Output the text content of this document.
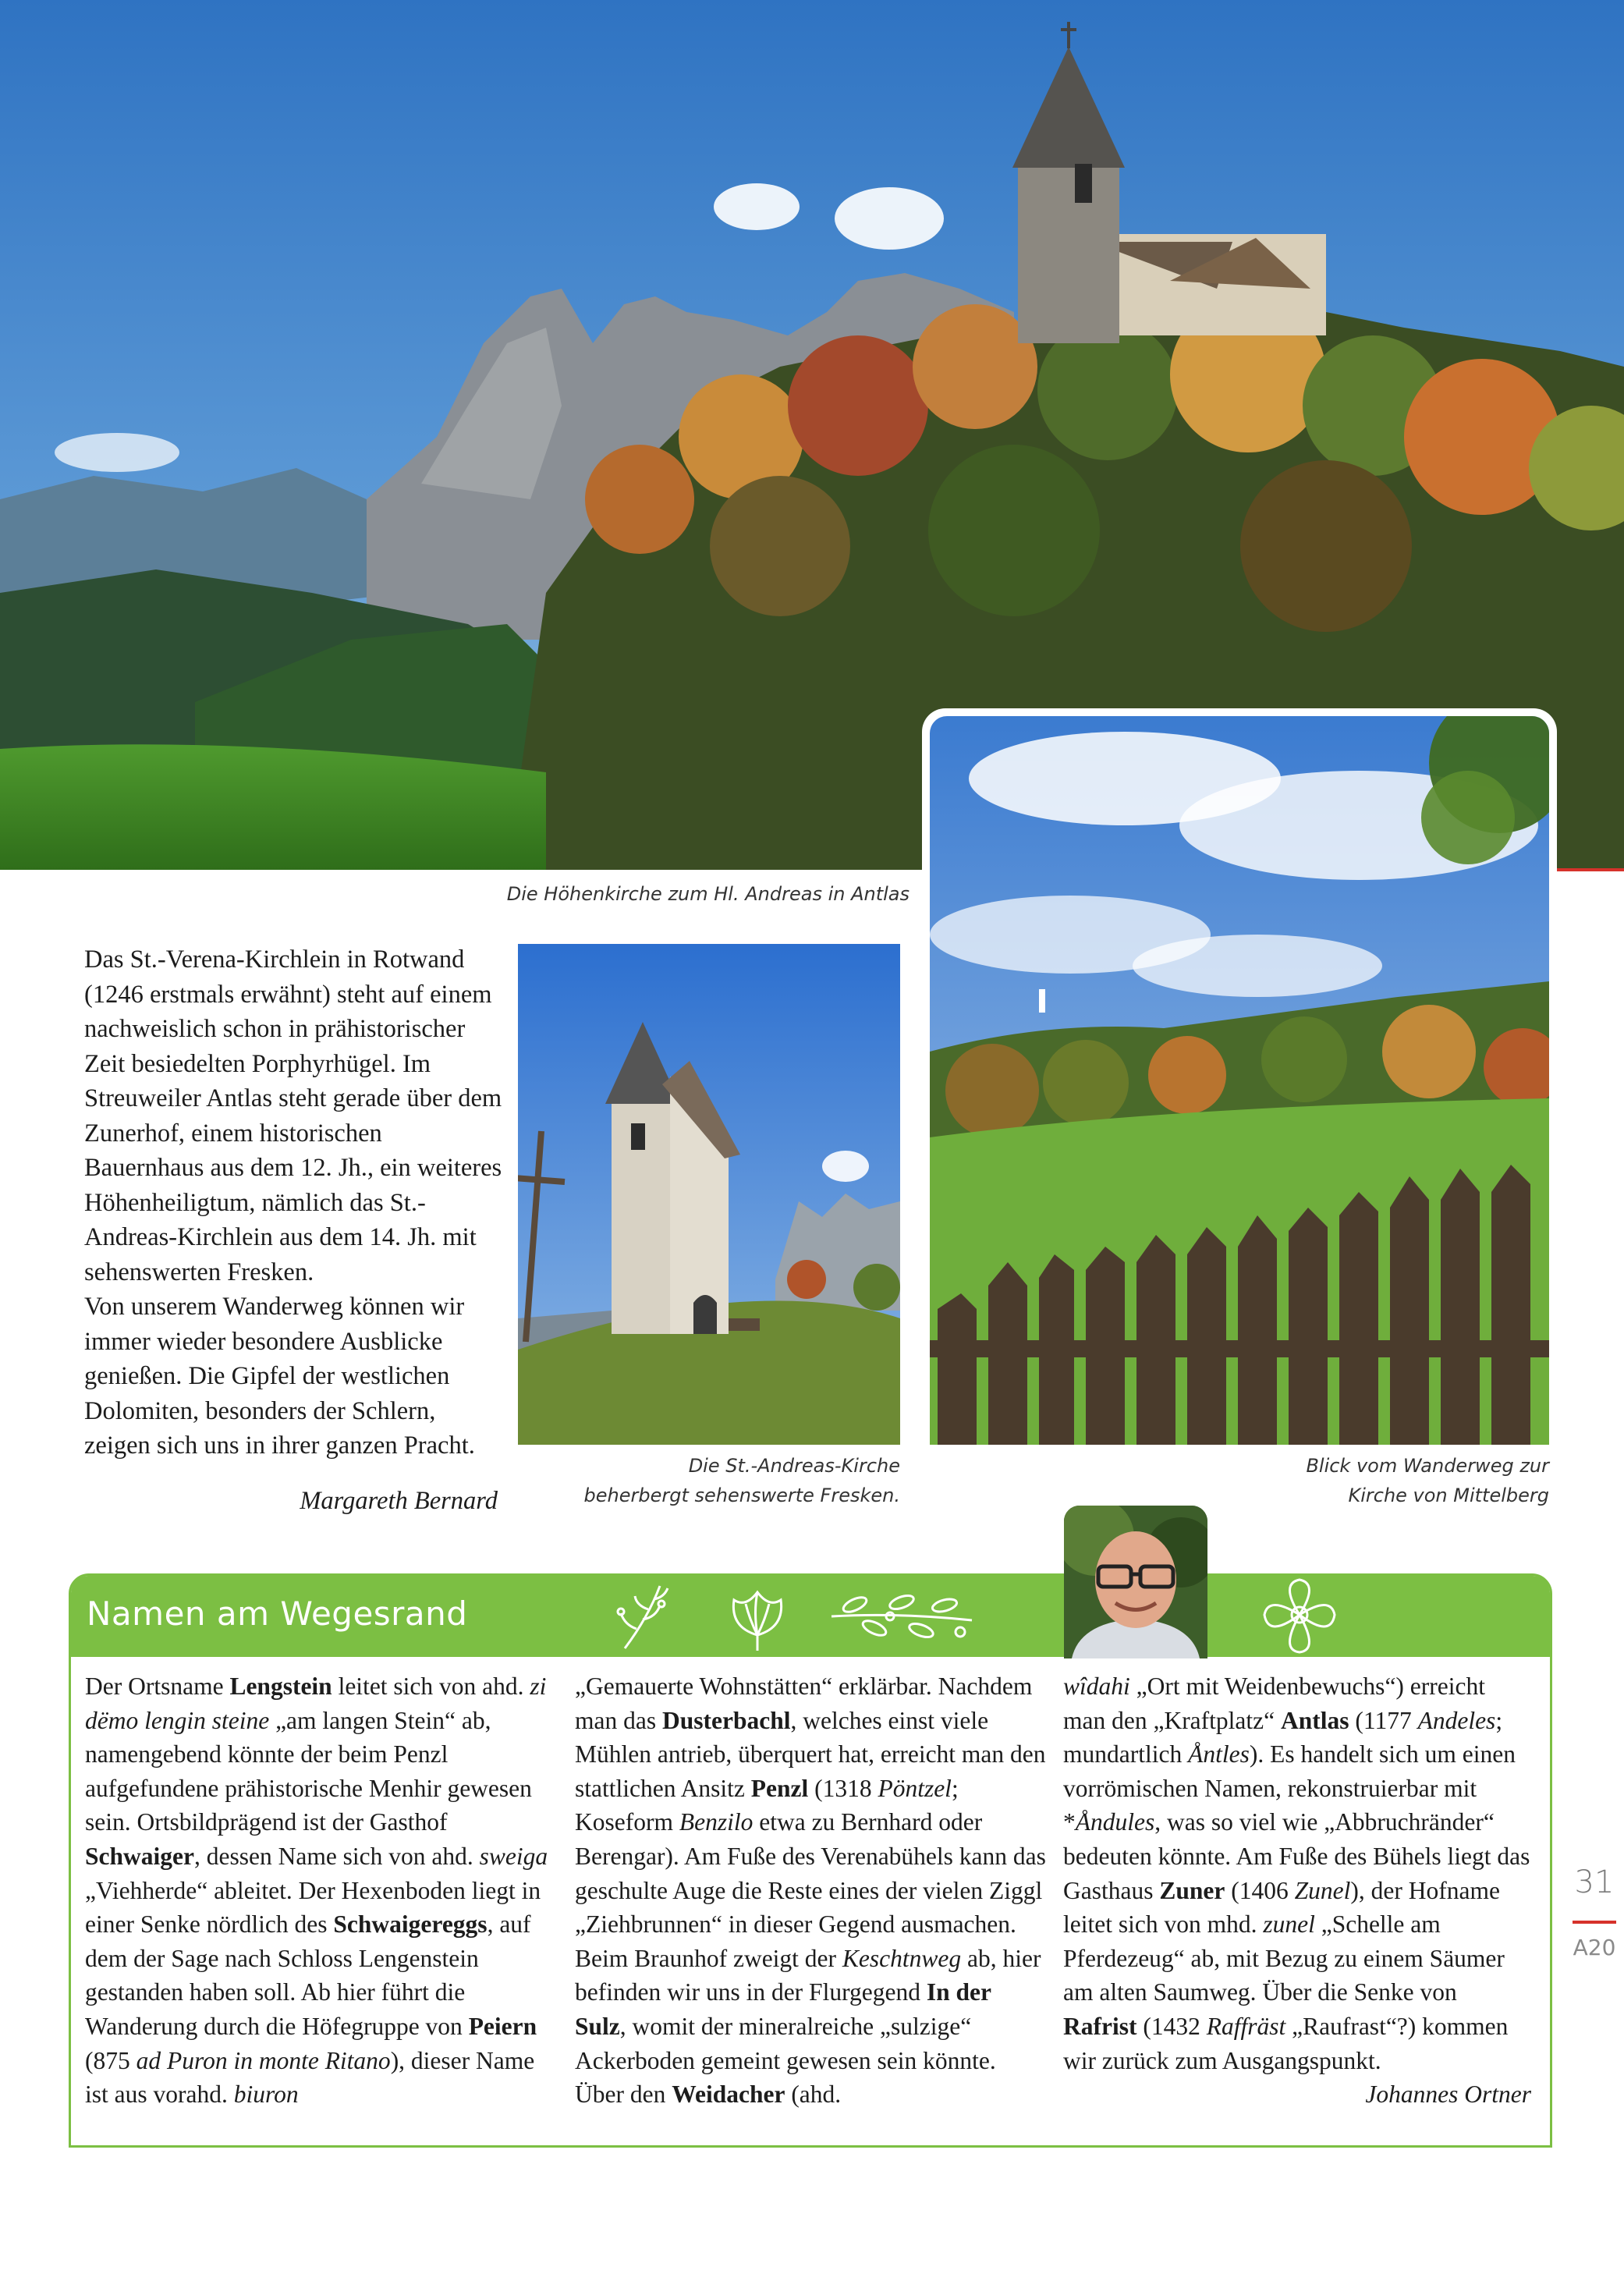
Die Höhenkirche zum Hl. Andreas in Antlas

Das St.-Verena-Kirchlein in Rotwand (1246 erstmals erwähnt) steht auf einem nachweislich schon in prähistorischer Zeit besiedelten Porphyrhügel. Im Streuweiler Antlas steht gerade über dem Zunerhof, einem historischen Bauernhaus aus dem 12. Jh., ein weiteres Höhenheiligtum, nämlich das St.-Andreas-Kirchlein aus dem 14. Jh. mit sehenswerten Fresken.

Von unserem Wanderweg können wir immer wieder besondere Ausblicke genießen. Die Gipfel der westlichen Dolomiten, besonders der Schlern, zeigen sich uns in ihrer ganzen Pracht.

Margareth Bernard
Die St.-Andreas-Kirche
beherbergt sehenswerte Fresken.
Blick vom Wanderweg zur
Kirche von Mittelberg
Namen am Wegesrand

Der Ortsname Lengstein leitet sich von ahd. zi dëmo lengin steine „am langen Stein“ ab, namengebend könnte der beim Penzl aufgefundene prähistorische Menhir gewesen sein. Ortsbildprägend ist der Gasthof Schwaiger, dessen Name sich von ahd. sweiga „Viehherde“ ableitet. Der Hexenboden liegt in einer Senke nördlich des Schwaigereggs, auf dem der Sage nach Schloss Lengenstein gestanden haben soll. Ab hier führt die Wanderung durch die Höfegruppe von Peiern (875 ad Puron in monte Ritano), dieser Name ist aus vorahd. biuron

„Gemauerte Wohnstätten“ erklärbar. Nachdem man das Dusterbachl, welches einst viele Mühlen antrieb, überquert hat, erreicht man den stattlichen Ansitz Penzl (1318 Pöntzel; Koseform Benzilo etwa zu Bernhard oder Berengar). Am Fuße des Verenabühels kann das geschulte Auge die Reste eines der vielen Ziggl „Ziehbrunnen“ in dieser Gegend ausmachen. Beim Braunhof zweigt der Keschtnweg ab, hier befinden wir uns in der Flurgegend In der Sulz, womit der mineralreiche „sulzige“ Ackerboden gemeint gewesen sein könnte. Über den Weidacher (ahd.

wîdahi „Ort mit Weidenbewuchs“) erreicht man den „Kraftplatz“ Antlas (1177 Andeles; mundartlich Åntles). Es handelt sich um einen vorrömischen Namen, rekonstruierbar mit *Åndules, was so viel wie „Abbruchränder“ bedeuten könnte. Am Fuße des Bühels liegt das Gasthaus Zuner (1406 Zunel), der Hofname leitet sich von mhd. zunel „Schelle am Pferdezeug“ ab, mit Bezug zu einem Säumer am alten Saumweg. Über die Senke von Rafrist (1432 Raffräst „Raufrast“?) kommen wir zurück zum Ausgangspunkt.

Johannes Ortner
31
A20
